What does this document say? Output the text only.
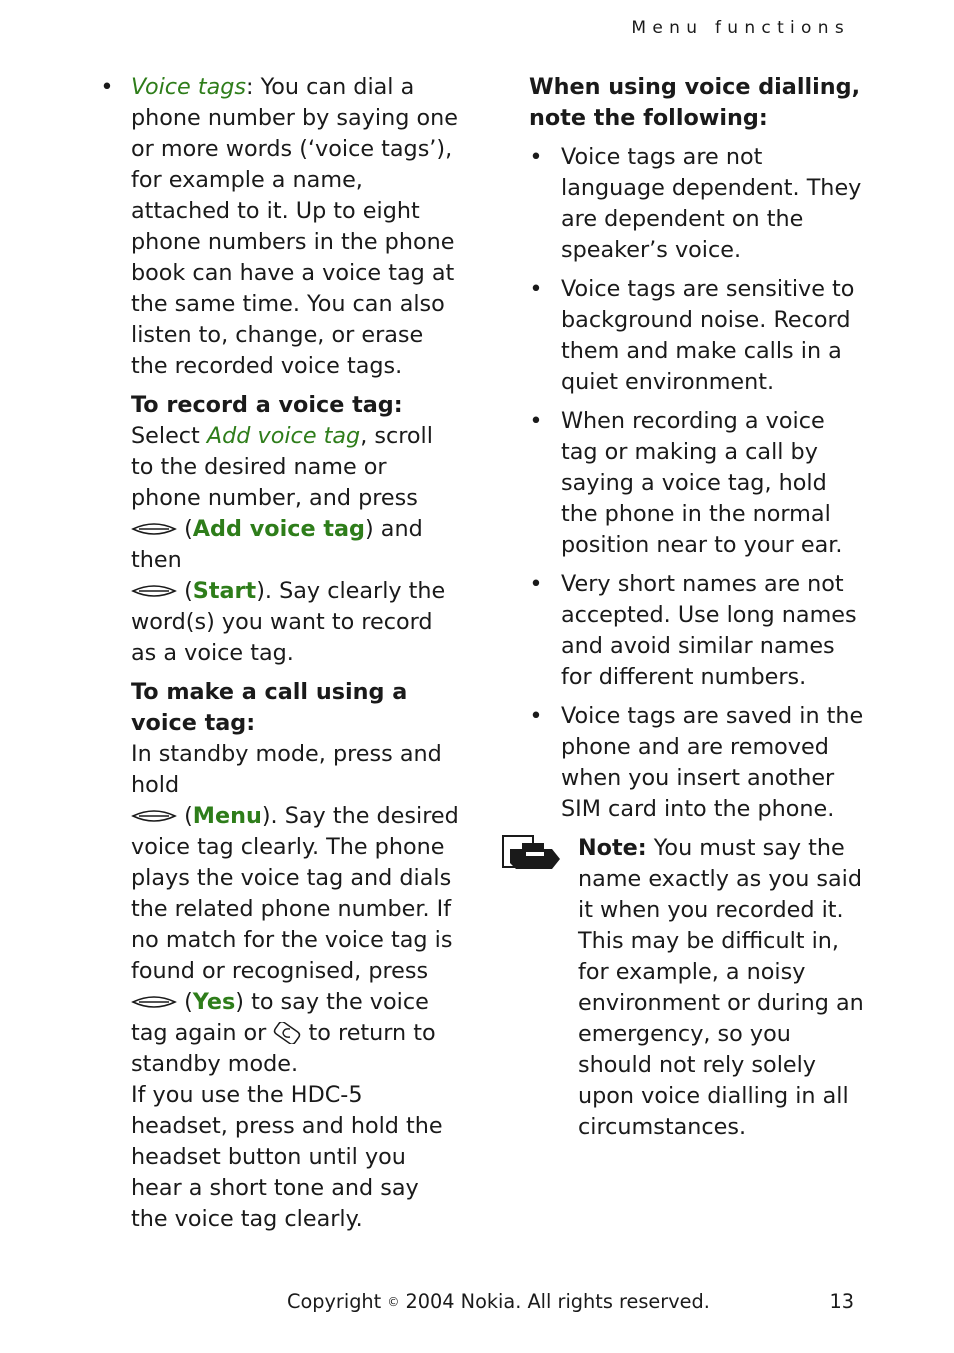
Menu functions
• Voice tags: You can dial a phone number by saying one or more words (‘voice tags’), for example a name, attached to it. Up to eight phone numbers in the phone book can have a voice tag at the same time. You can also listen to, change, or erase the recorded voice tags.
To record a voice tag: Select Add voice tag, scroll to the desired name or phone number, and press

(Add voice tag) and then

(Start). Say clearly the word(s) you want to record as a voice tag.
To make a call using a voice tag:
In standby mode, press and hold

(Menu). Say the desired voice tag clearly. The phone plays the voice tag and dials the related phone number. If no match for the voice tag is found or recognised, press
(Yes) to say the voice tag again or
to return to standby mode.
If you use the HDC-5 headset, press and hold the headset button until you hear a short tone and say the voice tag clearly.
When using voice dialling, note the following:
• Voice tags are not language dependent. They are dependent on the speaker’s voice.
• Voice tags are sensitive to background noise. Record them and make calls in a quiet environment.
• When recording a voice tag or making a call by saying a voice tag, hold the phone in the normal position near to your ear.
• Very short names are not accepted. Use long names and avoid similar names for different numbers.
• Voice tags are saved in the phone and are removed when you insert another SIM card into the phone.
Note: You must say the name exactly as you said it when you recorded it. This may be difficult in, for example, a noisy environment or during an emergency, so you should not rely solely upon voice dialling in all circumstances.
Copyright © 2004 Nokia. All rights reserved.	13
